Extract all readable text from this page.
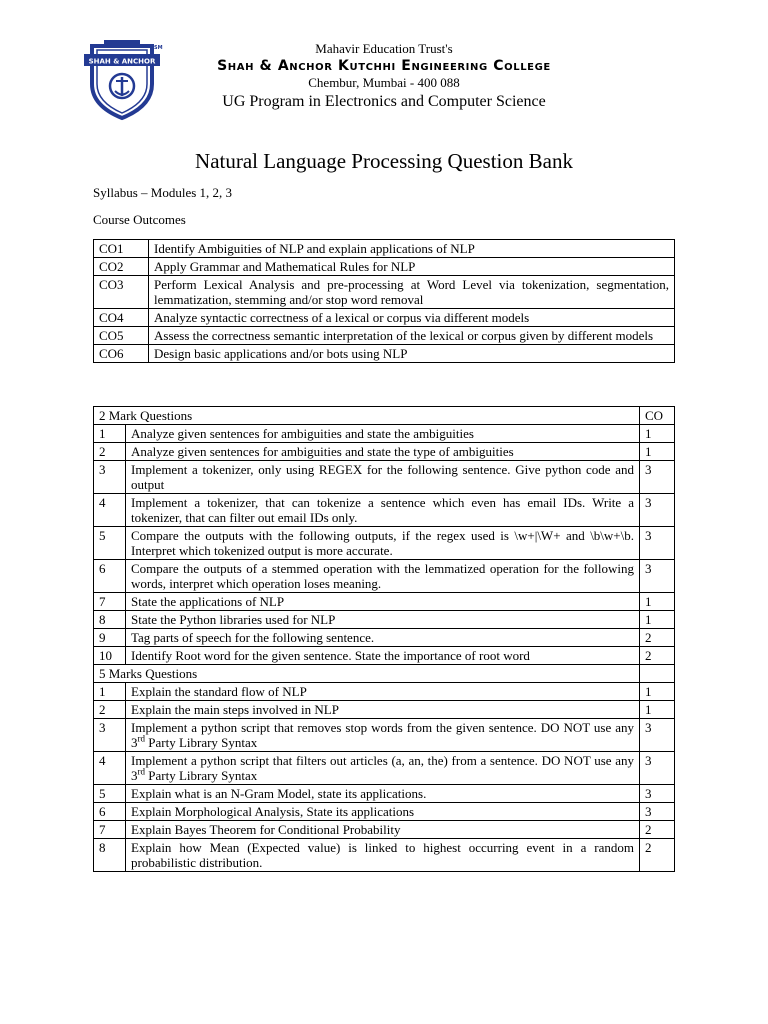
SHAH & ANCHOR
SM	Mahavir Education Trust's
Shah & Anchor Kutchhi Engineering College
Chembur, Mumbai - 400 088
UG Program in Electronics and Computer Science
Natural Language Processing Question Bank
Syllabus – Modules 1, 2, 3
Course Outcomes
CO1	Identify Ambiguities of NLP and explain applications of NLP
CO2	Apply Grammar and Mathematical Rules for NLP
CO3	Perform Lexical Analysis and pre-processing at Word Level via tokenization, segmentation, lemmatization, stemming and/or stop word removal
CO4	Analyze syntactic correctness of a lexical or corpus via different models
CO5	Assess the correctness semantic interpretation of the lexical or corpus given by different models
CO6	Design basic applications and/or bots using NLP
2 Mark Questions		CO
1	Analyze given sentences for ambiguities and state the ambiguities	1
2	Analyze given sentences for ambiguities and state the type of ambiguities	1
3	Implement a tokenizer, only using REGEX for the following sentence. Give python code and output	3
4	Implement a tokenizer, that can tokenize a sentence which even has email IDs. Write a tokenizer, that can filter out email IDs only.	3
5	Compare the outputs with the following outputs, if the regex used is \w+|\W+ and \b\w+\b. Interpret which tokenized output is more accurate.	3
6	Compare the outputs of a stemmed operation with the lemmatized operation for the following words, interpret which operation loses meaning.	3
7	State the applications of NLP	1
8	State the Python libraries used for NLP	1
9	Tag parts of speech for the following sentence.	2
10	Identify Root word for the given sentence. State the importance of root word	2
5 Marks Questions		
1	Explain the standard flow of NLP	1
2	Explain the main steps involved in NLP	1
3	Implement a python script that removes stop words from the given sentence. DO NOT use any 3rd Party Library Syntax	3
4	Implement a python script that filters out articles (a, an, the) from a sentence. DO NOT use any 3rd Party Library Syntax	3
5	Explain what is an N-Gram Model, state its applications.	3
6	Explain Morphological Analysis, State its applications	3
7	Explain Bayes Theorem for Conditional Probability	2
8	Explain how Mean (Expected value) is linked to highest occurring event in a random probabilistic distribution.	2
